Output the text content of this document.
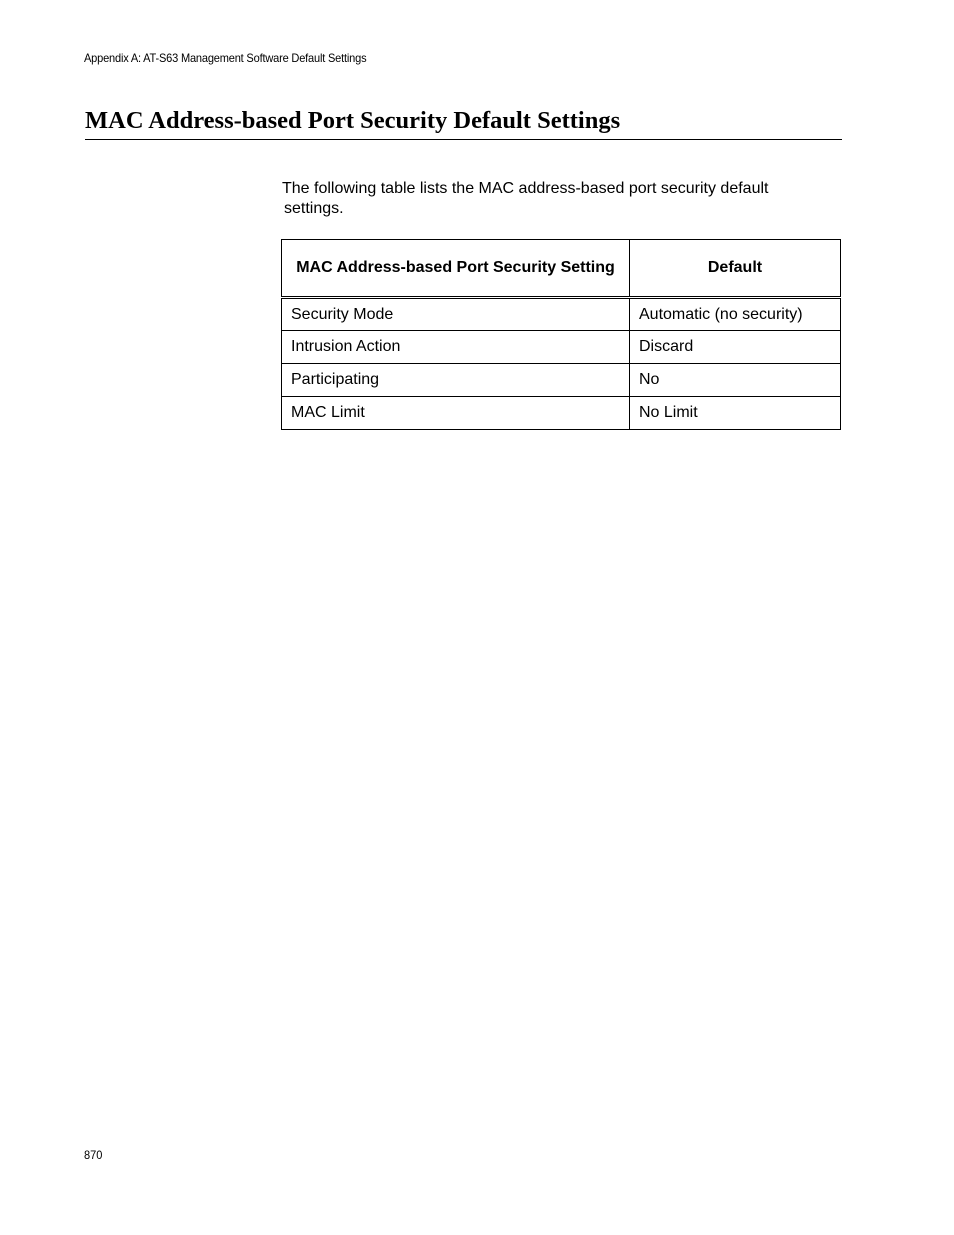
Appendix A: AT-S63 Management Software Default Settings
MAC Address-based Port Security Default Settings

The following table lists the MAC address-based port security default
settings.

MAC Address-based Port Security Setting	Default
Security Mode	Automatic (no security)
Intrusion Action	Discard
Participating	No
MAC Limit	No Limit
870
